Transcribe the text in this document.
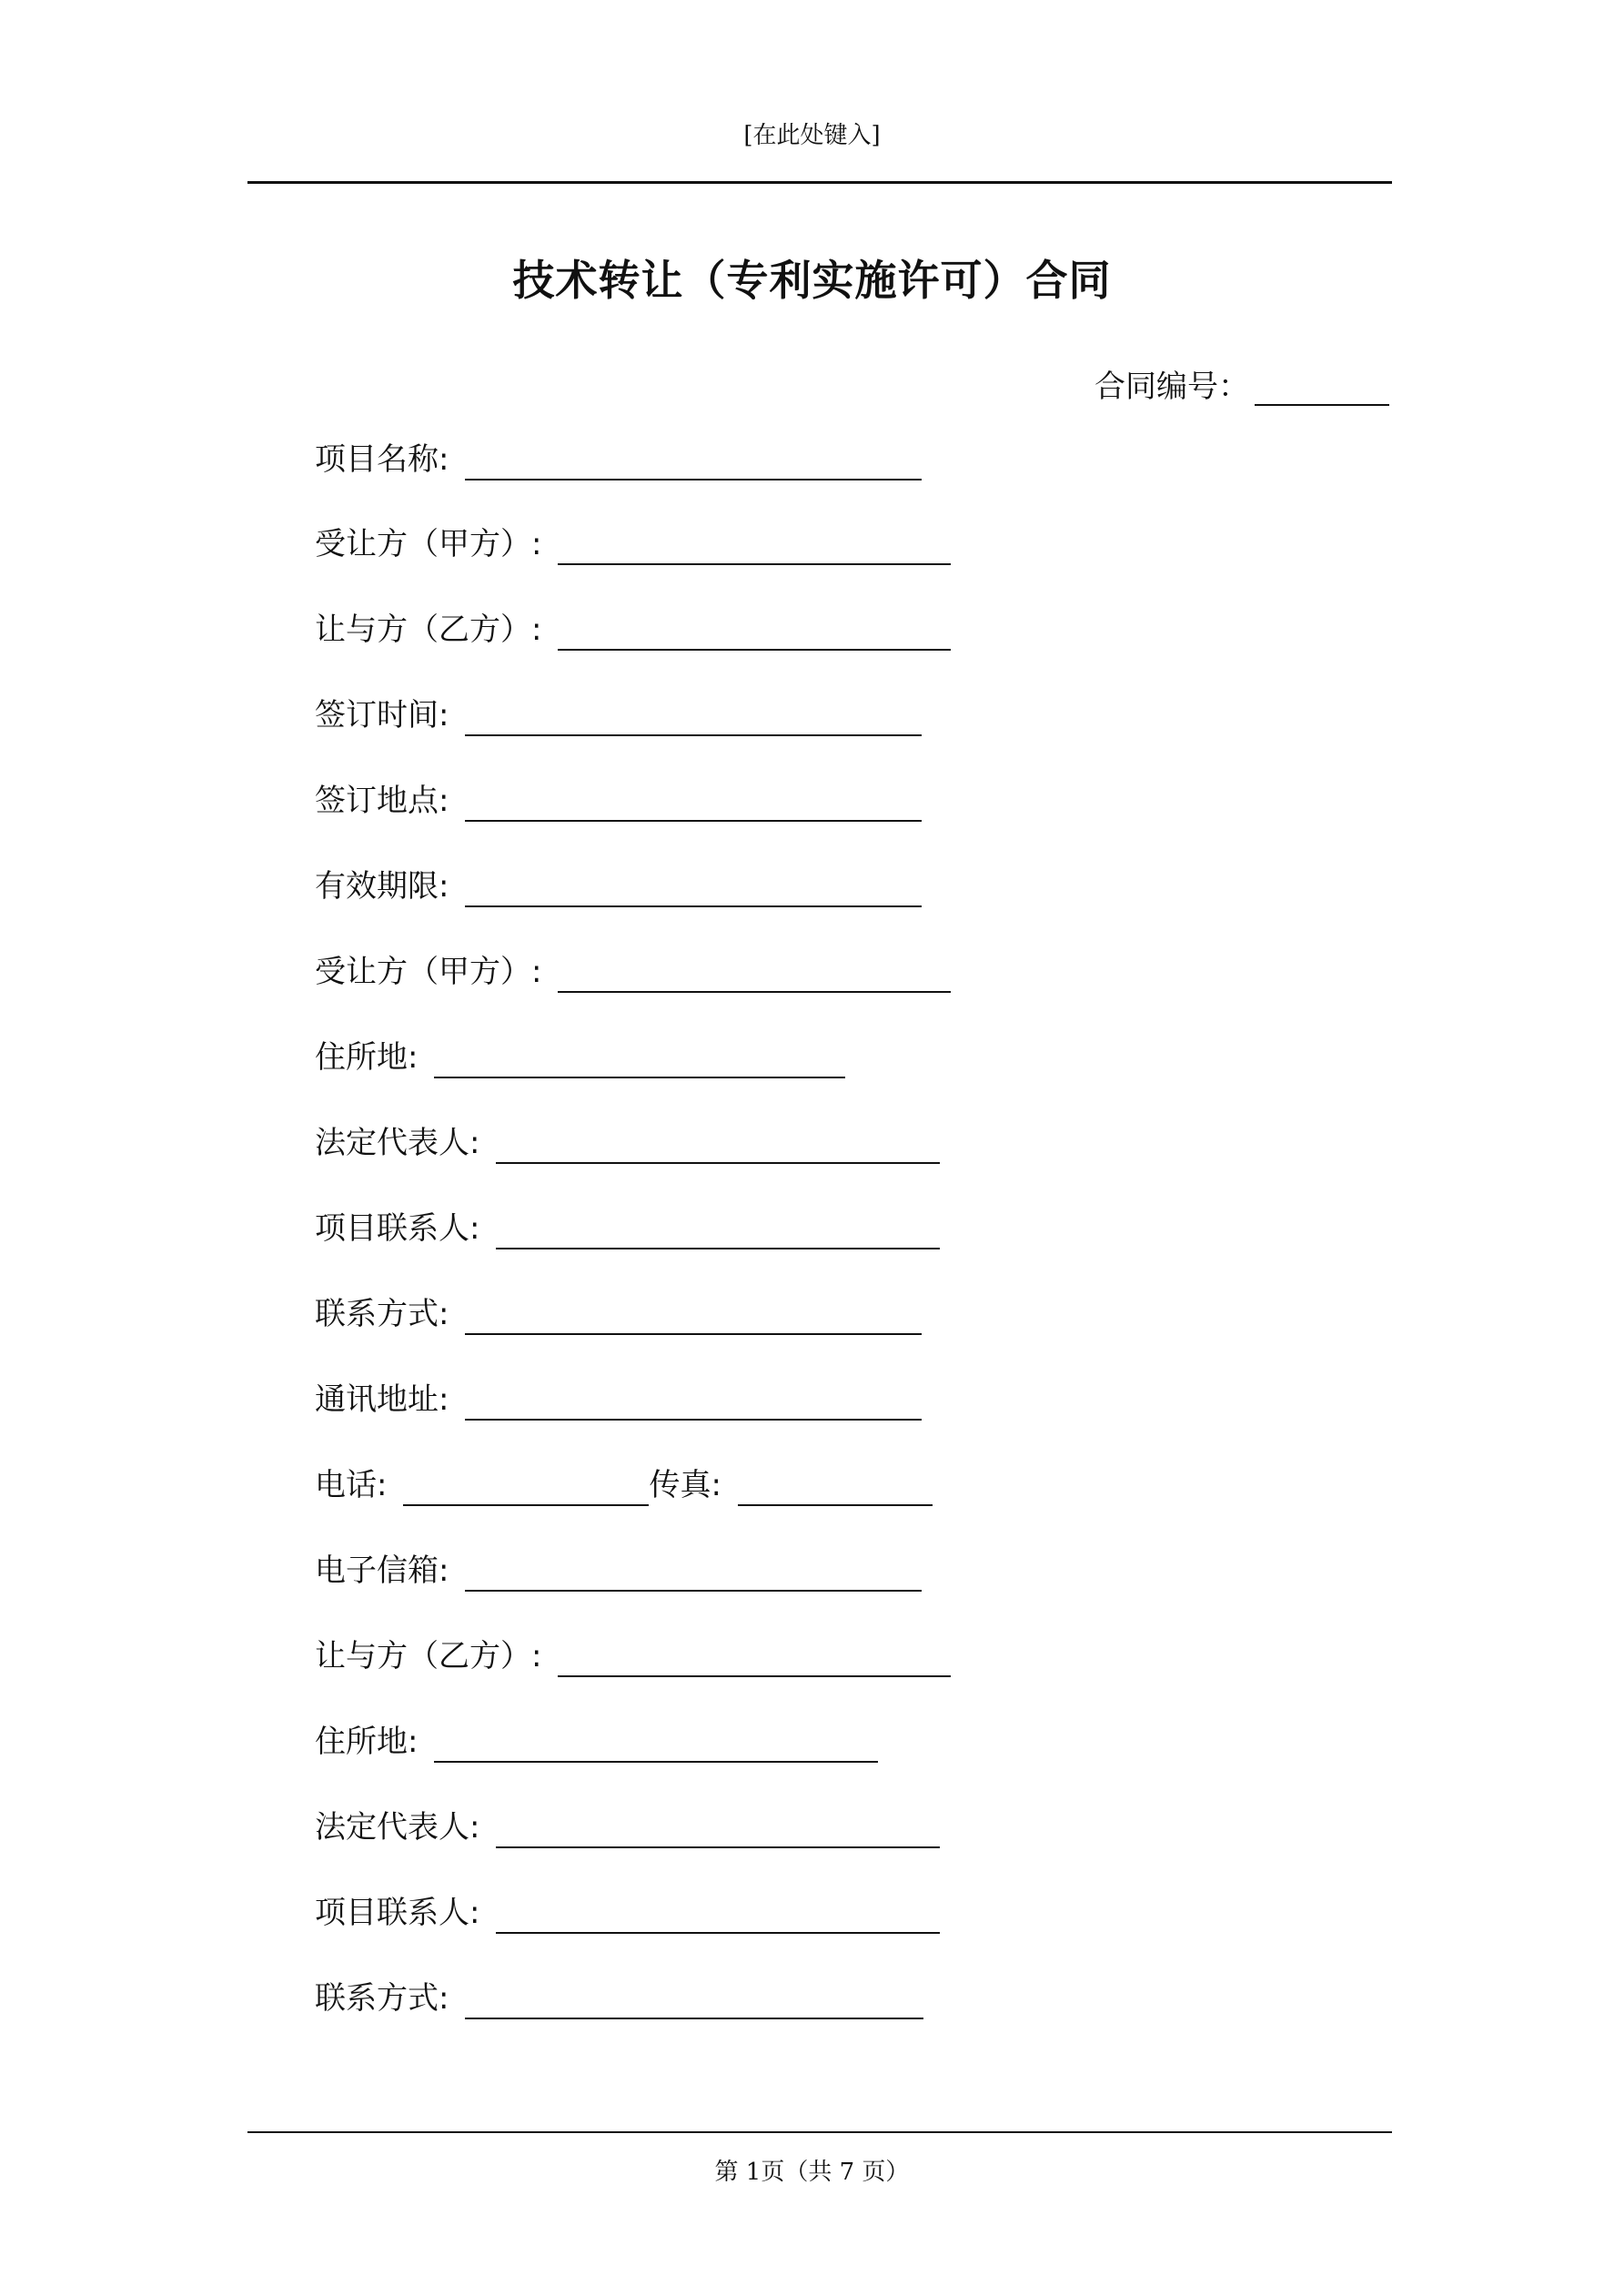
[在此处键入]
技术转让（专利实施许可）合同
合同编号：
项目名称:
受让方（甲方）:
让与方（乙方）:
签订时间:
签订地点:
有效期限:
受让方（甲方）:
住所地:
法定代表人:
项目联系人:
联系方式:
通讯地址:
电话:	传真:
电子信箱:
让与方（乙方）:
住所地:
法定代表人:
项目联系人:
联系方式:
第 1页（共 7 页）
